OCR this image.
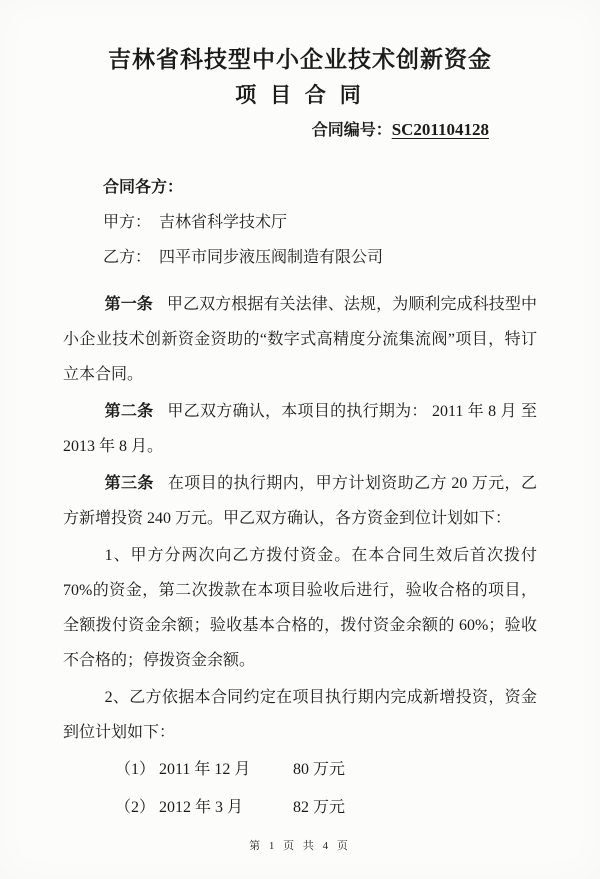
吉林省科技型中小企业技术创新资金
项 目 合 同
合同编号：SC201104128

合同各方：

甲方： 吉林省科学技术厅

乙方： 四平市同步液压阀制造有限公司

第一条 甲乙双方根据有关法律、法规，为顺利完成科技型中小企业技术创新资金资助的“数字式高精度分流集流阀”项目，特订立本合同。

第二条 甲乙双方确认，本项目的执行期为： 2011 年 8 月 至 2013 年 8 月。

第三条 在项目的执行期内，甲方计划资助乙方 20 万元，乙方新增投资 240 万元。甲乙双方确认，各方资金到位计划如下：

1、甲方分两次向乙方拨付资金。在本合同生效后首次拨付 70%的资金，第二次拨款在本项目验收后进行，验收合格的项目，全额拨付资金余额；验收基本合格的，拨付资金余额的 60%；验收不合格的；停拨资金余额。

2、乙方依据本合同约定在项目执行期内完成新增投资，资金到位计划如下：

（1） 2011 年 12 月	80 万元
（2） 2012 年 3 月	82 万元
第 1 页 共 4 页
